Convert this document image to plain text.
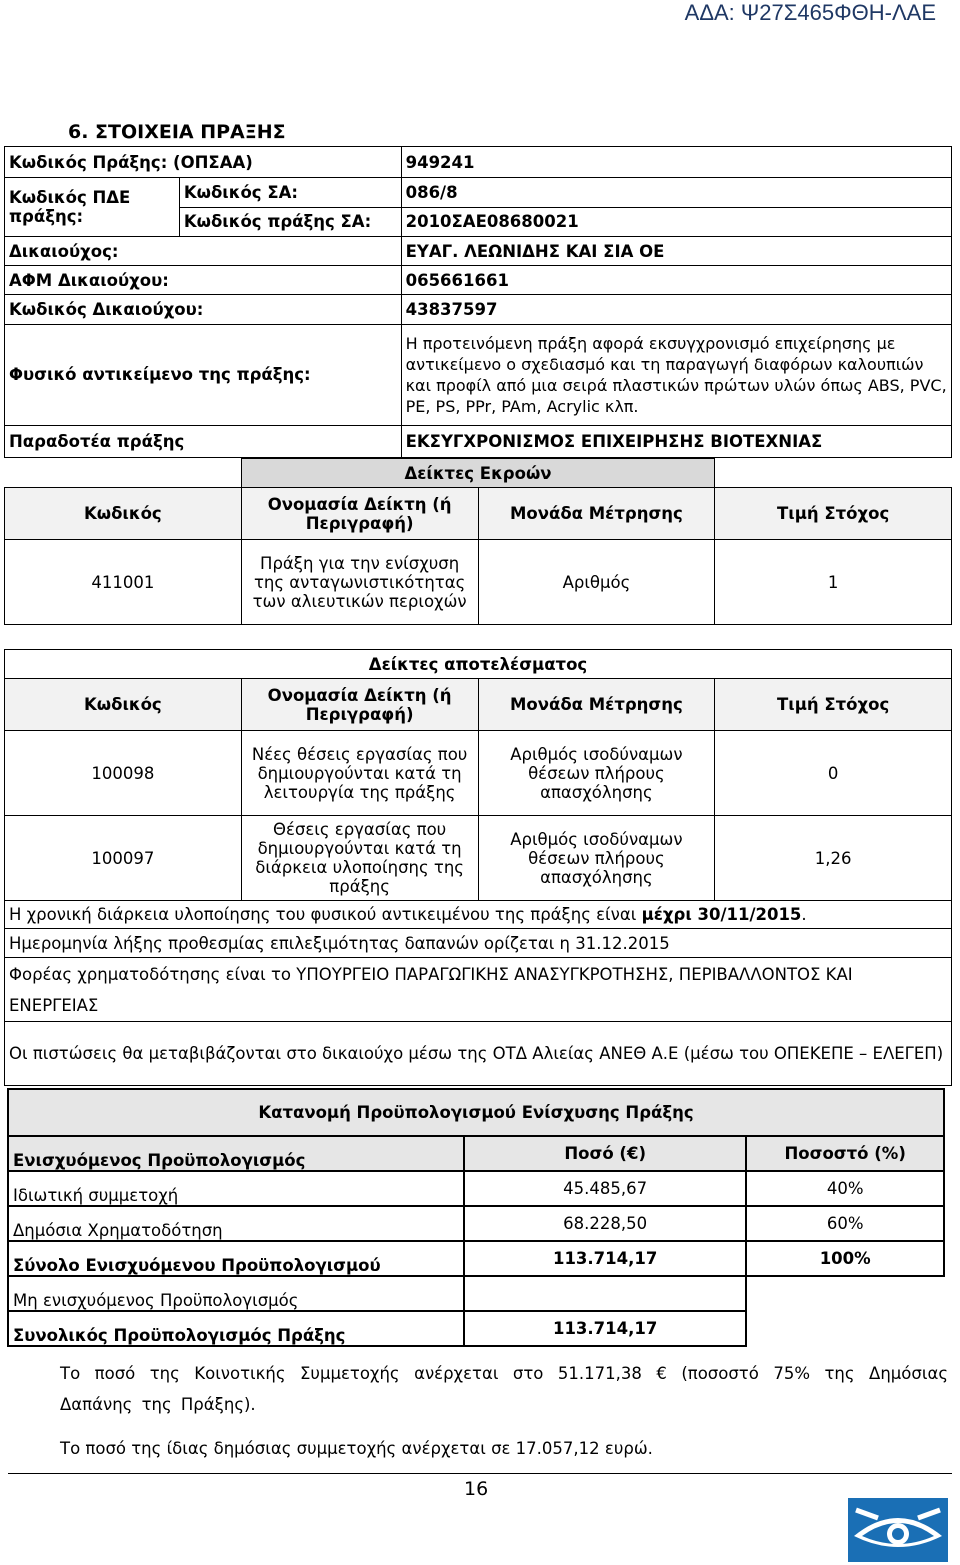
ΑΔΑ: Ψ27Σ465ΦΘΗ-ΛΑΕ
6. ΣΤΟΙΧΕΙΑ ΠΡΑΞΗΣ
Κωδικός Πράξης: (ΟΠΣΑΑ)		949241
Κωδικός ΠΔΕ πράξης:	Κωδικός ΣΑ:	086/8
	Κωδικός πράξης ΣΑ:	2010ΣΑΕ08680021
Δικαιούχος:		ΕΥΑΓ. ΛΕΩΝΙΔΗΣ ΚΑΙ ΣΙΑ ΟΕ
ΑΦΜ Δικαιούχου:		065661661
Κωδικός Δικαιούχου:		43837597
Φυσικό αντικείμενο της πράξης:		Η προτεινόμενη πράξη αφορά εκσυγχρονισμό επιχείρησης με αντικείμενο ο σχεδιασμό και τη παραγωγή διαφόρων καλουπιών και προφίλ από μια σειρά πλαστικών πρώτων υλών όπως ABS, PVC, PE, PS, PPr, PAm, Acrylic κλπ.
Παραδοτέα πράξης		ΕΚΣΥΓΧΡΟΝΙΣΜΟΣ ΕΠΙΧΕΙΡΗΣΗΣ ΒΙΟΤΕΧΝΙΑΣ
	Δείκτες Εκροών		
Κωδικός	Ονομασία Δείκτη (ή Περιγραφή)	Μονάδα Μέτρησης	Τιμή Στόχος
411001	Πράξη για την ενίσχυση της ανταγωνιστικότητας των αλιευτικών περιοχών	Αριθμός	1
	Δείκτες αποτελέσματος		
Κωδικός	Ονομασία Δείκτη (ή Περιγραφή)	Μονάδα Μέτρησης	Τιμή Στόχος
100098	Νέες θέσεις εργασίας που δημιουργούνται κατά τη λειτουργία της πράξης	Αριθμός ισοδύναμων θέσεων πλήρους απασχόλησης	0
100097	Θέσεις εργασίας που δημιουργούνται κατά τη διάρκεια υλοποίησης της πράξης	Αριθμός ισοδύναμων θέσεων πλήρους απασχόλησης	1,26
Η χρονική διάρκεια υλοποίησης του φυσικού αντικειμένου της πράξης είναι μέχρι 30/11/2015.			
Ημερομηνία λήξης προθεσμίας επιλεξιμότητας δαπανών ορίζεται η 31.12.2015			
Φορέας χρηματοδότησης είναι το ΥΠΟΥΡΓΕΙΟ ΠΑΡΑΓΩΓΙΚΗΣ ΑΝΑΣΥΓΚΡΟΤΗΣΗΣ, ΠΕΡΙΒΑΛΛΟΝΤΟΣ ΚΑΙ ΕΝΕΡΓΕΙΑΣ			
Οι πιστώσεις θα μεταβιβάζονται στο δικαιούχο μέσω της ΟΤΔ Αλιείας ΑΝΕΘ Α.Ε (μέσω του ΟΠΕΚΕΠΕ – ΕΛΕΓΕΠ)			
Κατανομή Προϋπολογισμού Ενίσχυσης Πράξης		
Ενισχυόμενος Προϋπολογισμός	Ποσό (€)	Ποσοστό (%)
Ιδιωτική συμμετοχή	45.485,67	40%
Δημόσια Χρηματοδότηση	68.228,50	60%
Σύνολο Ενισχυόμενου Προϋπολογισμού	113.714,17	100%
Μη ενισχυόμενος Προϋπολογισμός		
Συνολικός Προϋπολογισμός Πράξης	113.714,17	
Το ποσό της Κοινοτικής Συμμετοχής ανέρχεται στο 51.171,38 € (ποσοστό 75% της Δημόσιας Δαπάνης της Πράξης).
Το ποσό της ίδιας δημόσιας συμμετοχής ανέρχεται σε 17.057,12 ευρώ.
16
